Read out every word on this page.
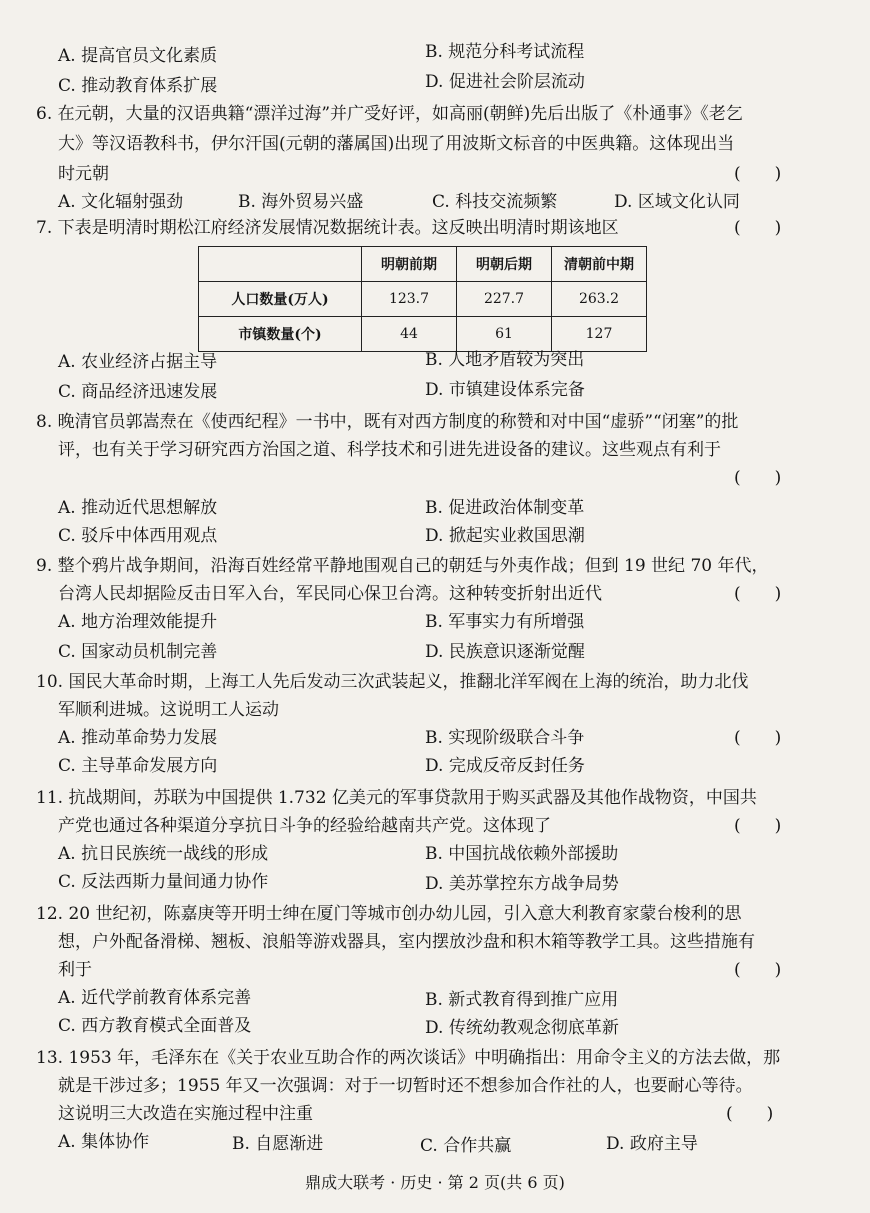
A. 提高官员文化素质	B. 规范分科考试流程
C. 推动教育体系扩展	D. 促进社会阶层流动
6. 在元朝，大量的汉语典籍“漂洋过海”并广受好评，如高丽(朝鲜)先后出版了《朴通事》《老乞
大》等汉语教科书，伊尔汗国(元朝的藩属国)出现了用波斯文标音的中医典籍。这体现出当
时元朝	(　　)
A. 文化辐射强劲	B. 海外贸易兴盛	C. 科技交流频繁	D. 区域文化认同
7. 下表是明清时期松江府经济发展情况数据统计表。这反映出明清时期该地区	(　　)
	明朝前期	明朝后期	清朝前中期
人口数量(万人)	123.7	227.7	263.2
市镇数量(个)	44	61	127
A. 农业经济占据主导	B. 人地矛盾较为突出
C. 商品经济迅速发展	D. 市镇建设体系完备
8. 晚清官员郭嵩焘在《使西纪程》一书中，既有对西方制度的称赞和对中国“虚骄”“闭塞”的批
评，也有关于学习研究西方治国之道、科学技术和引进先进设备的建议。这些观点有利于
(　　)
A. 推动近代思想解放	B. 促进政治体制变革
C. 驳斥中体西用观点	D. 掀起实业救国思潮
9. 整个鸦片战争期间，沿海百姓经常平静地围观自己的朝廷与外夷作战；但到 19 世纪 70 年代，
台湾人民却据险反击日军入台，军民同心保卫台湾。这种转变折射出近代	(　　)
A. 地方治理效能提升	B. 军事实力有所增强
C. 国家动员机制完善	D. 民族意识逐渐觉醒
10. 国民大革命时期，上海工人先后发动三次武装起义，推翻北洋军阀在上海的统治，助力北伐
军顺利进城。这说明工人运动
(　　)
A. 推动革命势力发展	B. 实现阶级联合斗争
C. 主导革命发展方向	D. 完成反帝反封任务
11. 抗战期间，苏联为中国提供 1.732 亿美元的军事贷款用于购买武器及其他作战物资，中国共
产党也通过各种渠道分享抗日斗争的经验给越南共产党。这体现了	(　　)
A. 抗日民族统一战线的形成	B. 中国抗战依赖外部援助
C. 反法西斯力量间通力协作	D. 美苏掌控东方战争局势
12. 20 世纪初，陈嘉庚等开明士绅在厦门等城市创办幼儿园，引入意大利教育家蒙台梭利的思
想，户外配备滑梯、翘板、浪船等游戏器具，室内摆放沙盘和积木箱等教学工具。这些措施有
利于	(　　)
A. 近代学前教育体系完善	B. 新式教育得到推广应用
C. 西方教育模式全面普及	D. 传统幼教观念彻底革新
13. 1953 年，毛泽东在《关于农业互助合作的两次谈话》中明确指出：用命令主义的方法去做，那
就是干涉过多；1955 年又一次强调：对于一切暂时还不想参加合作社的人，也要耐心等待。
这说明三大改造在实施过程中注重	(　　)
A. 集体协作	B. 自愿渐进	C. 合作共赢	D. 政府主导
鼎成大联考 · 历史 · 第 2 页(共 6 页)
